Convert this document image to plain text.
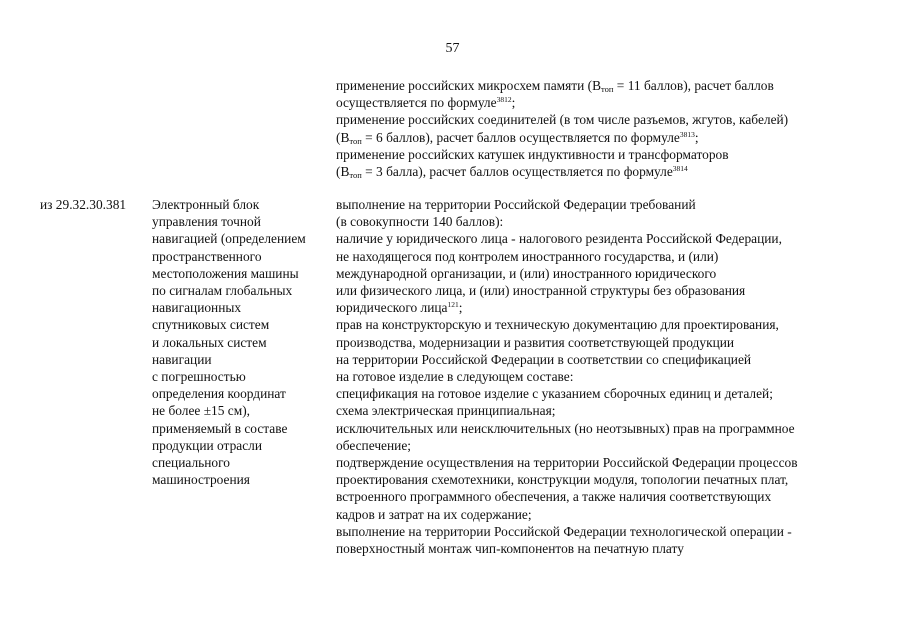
57
применение российских микросхем памяти ($В_{топ} = 11$ баллов), расчет баллов
осуществляется по формуле$^{3812}$;
применение российских соединителей (в том числе разъемов, жгутов, кабелей)
($В_{топ} = 6$ баллов), расчет баллов осуществляется по формуле$^{3813}$;
применение российских катушек индуктивности и трансформаторов
($В_{топ} = 3$ балла), расчет баллов осуществляется по формуле$^{3814}$
из 29.32.30.381	Электронный блок
управления точной
навигацией (определением
пространственного
местоположения машины
по сигналам глобальных
навигационных
спутниковых систем
и локальных систем
навигации
с погрешностью
определения координат
не более ±15 см),
применяемый в составе
продукции отрасли
специального
машиностроения
выполнение на территории Российской Федерации требований
(в совокупности 140 баллов):
наличие у юридического лица - налогового резидента Российской Федерации,
не находящегося под контролем иностранного государства, и (или)
международной организации, и (или) иностранного юридического
или физического лица, и (или) иностранной структуры без образования
юридического лица$^{121}$;
прав на конструкторскую и техническую документацию для проектирования,
производства, модернизации и развития соответствующей продукции
на территории Российской Федерации в соответствии со спецификацией
на готовое изделие в следующем составе:
спецификация на готовое изделие с указанием сборочных единиц и деталей;
схема электрическая принципиальная;
исключительных или неисключительных (но неотзывных) прав на программное
обеспечение;
подтверждение осуществления на территории Российской Федерации процессов
проектирования схемотехники, конструкции модуля, топологии печатных плат,
встроенного программного обеспечения, а также наличия соответствующих
кадров и затрат на их содержание;
выполнение на территории Российской Федерации технологической операции -
поверхностный монтаж чип-компонентов на печатную плату
